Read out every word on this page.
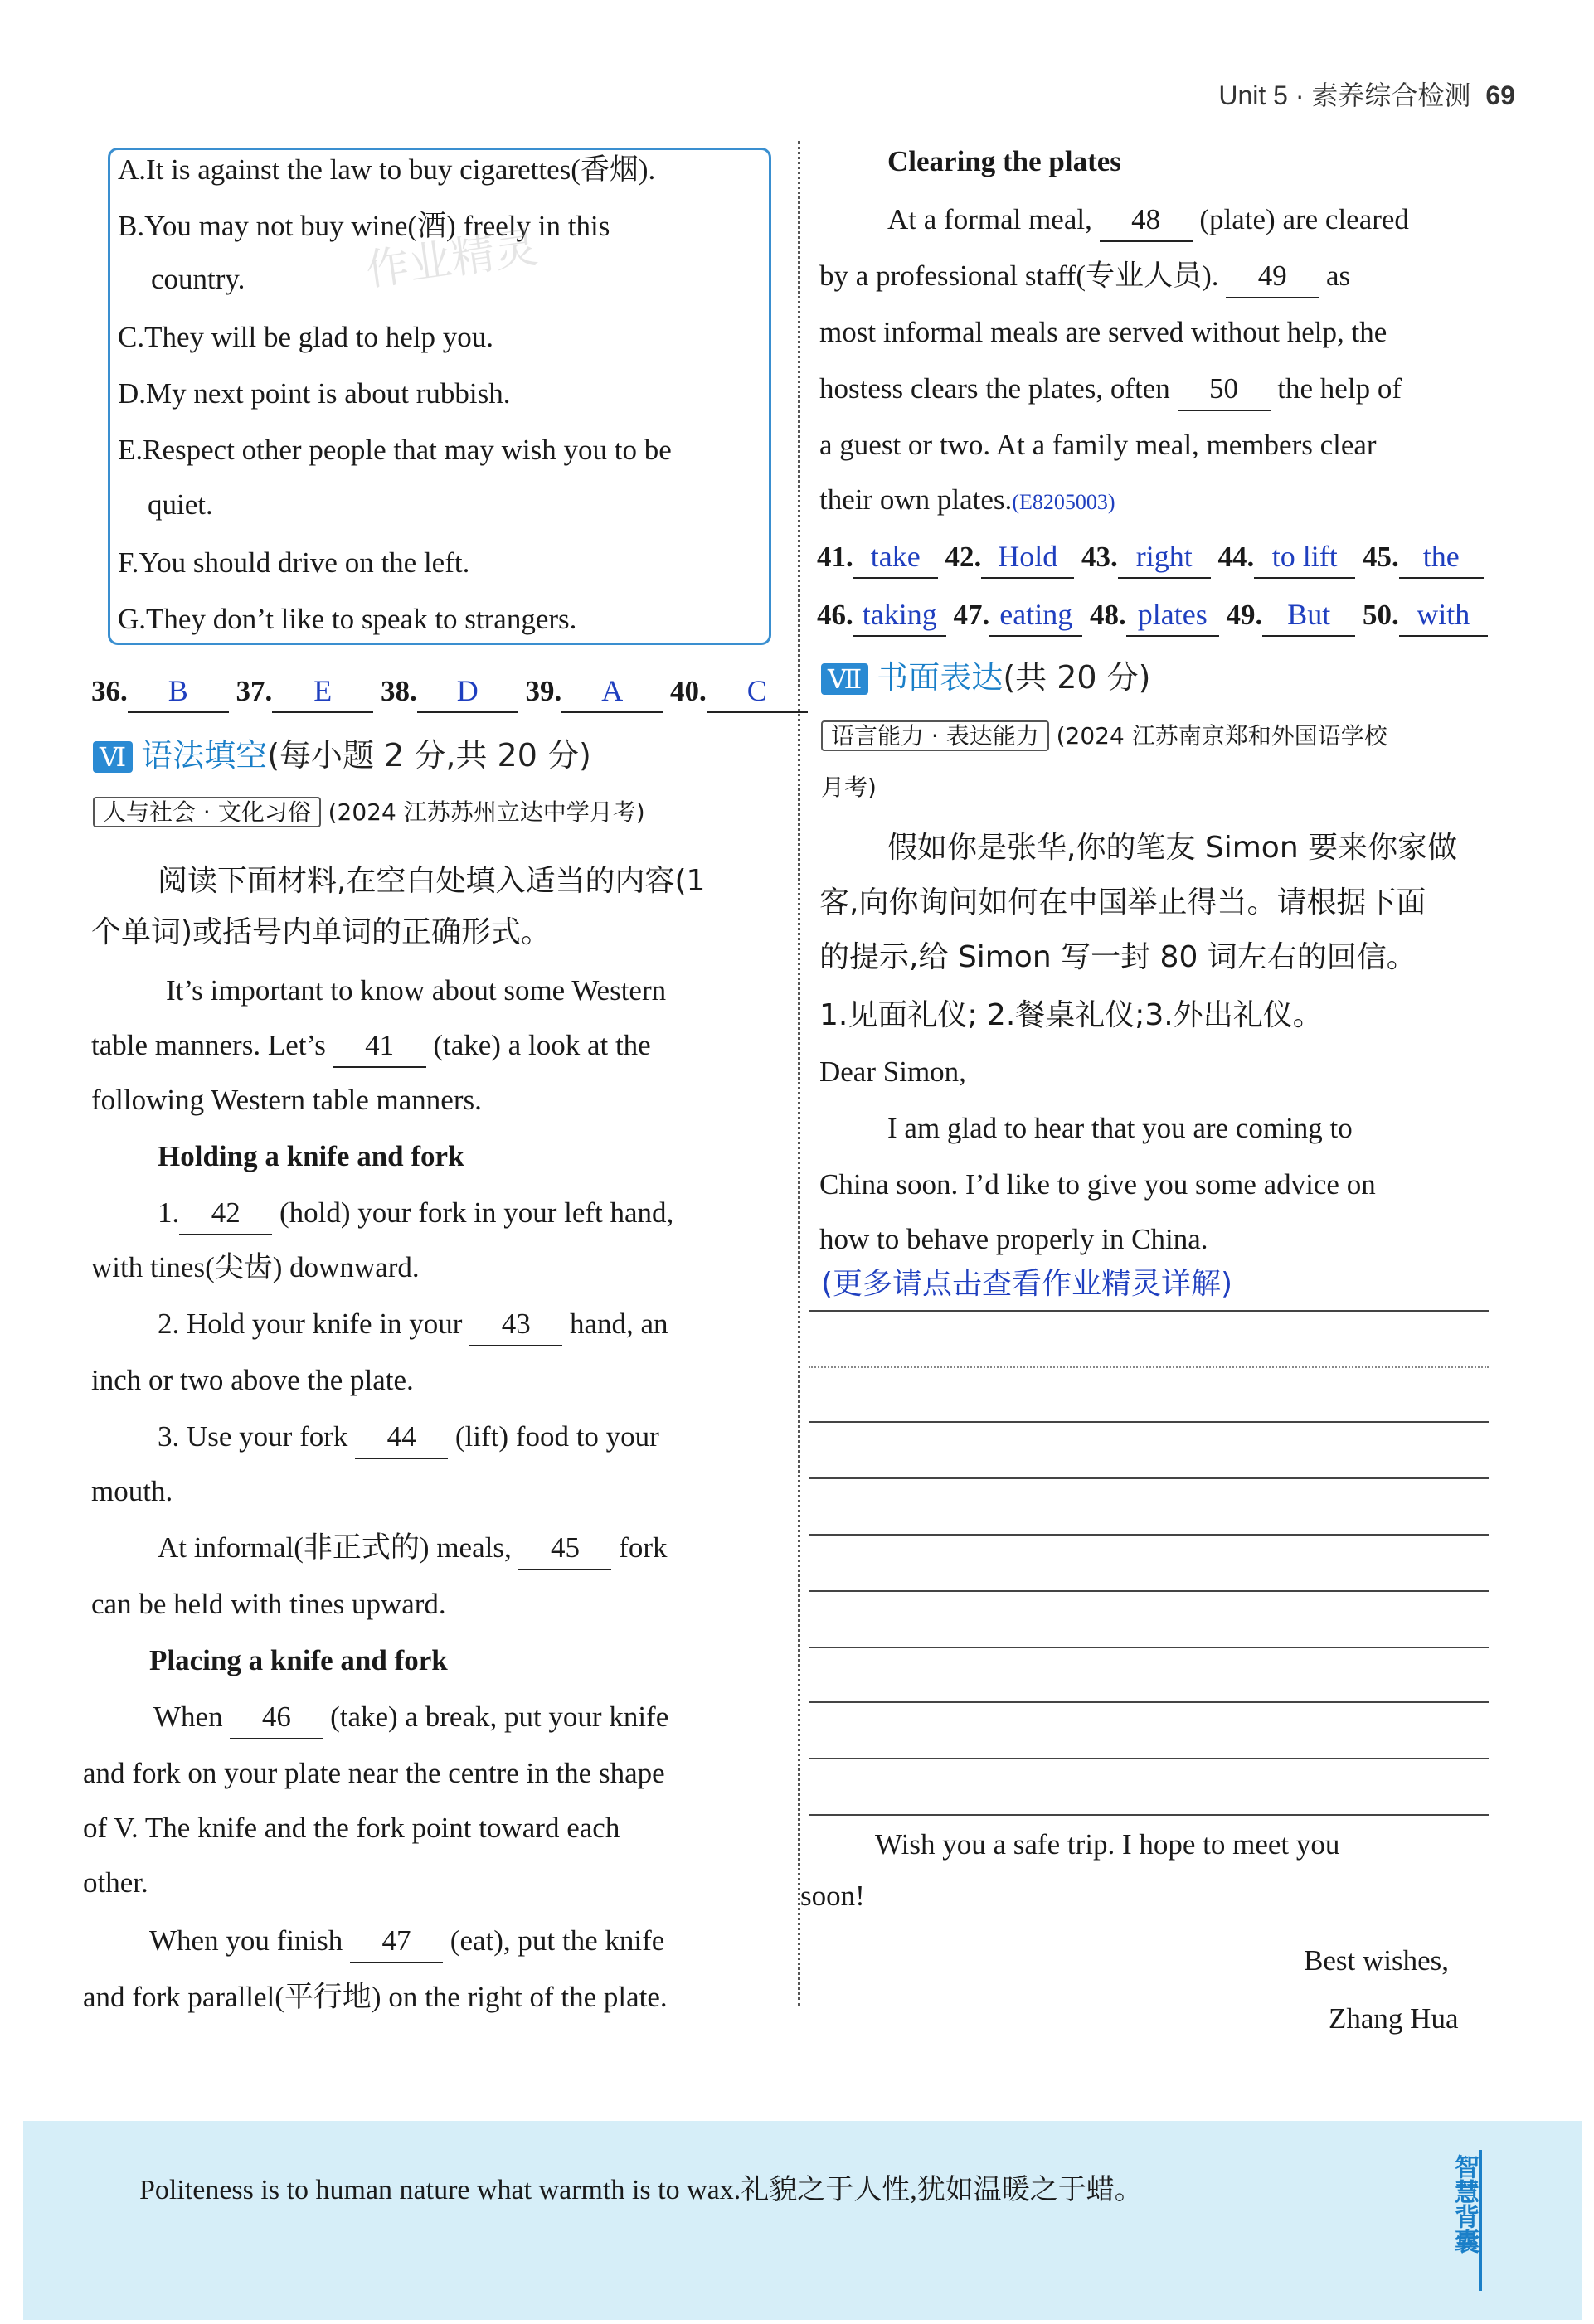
Unit 5 · 素养综合检测 69
A.It is against the law to buy cigarettes(香烟).
B.You may not buy wine(酒) freely in this
country.
C.They will be glad to help you.
D.My next point is about rubbish.
E.Respect other people that may wish you to be
quiet.
F.You should drive on the left.
G.They don’t like to speak to strangers.
作业精灵
36. B 37. E 38. D 39. A 40. C
Ⅵ 语法填空(每小题 2 分,共 20 分)
人与社会 · 文化习俗 (2024 江苏苏州立达中学月考)
阅读下面材料,在空白处填入适当的内容(1
个单词)或括号内单词的正确形式。
It’s important to know about some Western
table manners. Let’s 41 (take) a look at the
following Western table manners.
Holding a knife and fork
1. 42 (hold) your fork in your left hand,
with tines(尖齿) downward.
2. Hold your knife in your 43 hand, an
inch or two above the plate.
3. Use your fork 44 (lift) food to your
mouth.
At informal(非正式的) meals, 45 fork
can be held with tines upward.
Placing a knife and fork
When 46 (take) a break, put your knife
and fork on your plate near the centre in the shape
of V. The knife and the fork point toward each
other.
When you finish 47 (eat), put the knife
and fork parallel(平行地) on the right of the plate.
Clearing the plates
At a formal meal, 48 (plate) are cleared
by a professional staff(专业人员). 49 as
most informal meals are served without help, the
hostess clears the plates, often 50 the help of
a guest or two. At a family meal, members clear
their own plates.(E8205003)
41. take 42. Hold 43. right 44. to lift 45. the
46. taking 47. eating 48. plates 49. But 50. with
Ⅶ 书面表达(共 20 分)
语言能力 · 表达能力 (2024 江苏南京郑和外国语学校
月考)
假如你是张华,你的笔友 Simon 要来你家做
客,向你询问如何在中国举止得当。请根据下面
的提示,给 Simon 写一封 80 词左右的回信。
1.见面礼仪; 2.餐桌礼仪;3.外出礼仪。
Dear Simon,
I am glad to hear that you are coming to
China soon. I’d like to give you some advice on
how to behave properly in China.
(更多请点击查看作业精灵详解)
Wish you a safe trip. I hope to meet you
soon!
Best wishes,
Zhang Hua
Politeness is to human nature what warmth is to wax.礼貌之于人性,犹如温暖之于蜡。	智慧背囊
